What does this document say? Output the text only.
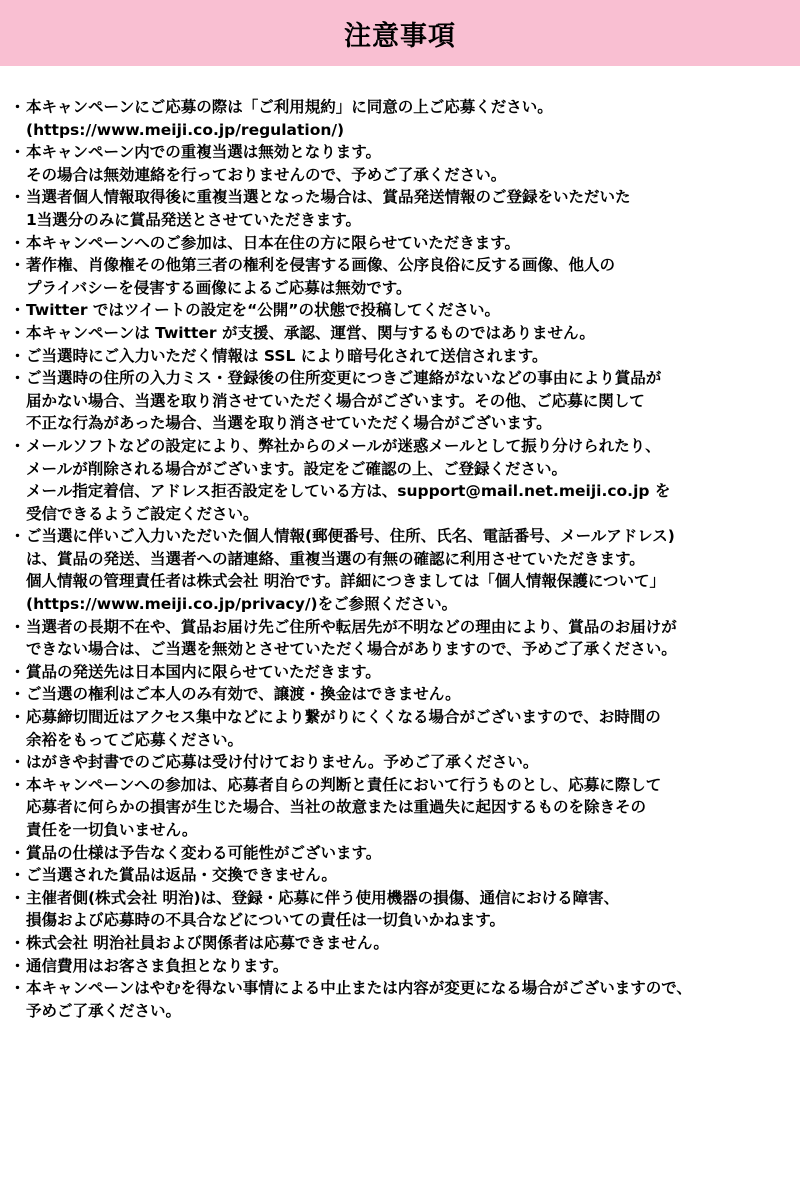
注意事項
・ 本キャンペーンにご応募の際は「ご利用規約」に同意の上ご応募ください。
(https://www.meiji.co.jp/regulation/)
・ 本キャンペーン内での重複当選は無効となります。
その場合は無効連絡を行っておりませんので、予めご了承ください。
・ 当選者個人情報取得後に重複当選となった場合は、賞品発送情報のご登録をいただいた
1当選分のみに賞品発送とさせていただきます。
・ 本キャンペーンへのご参加は、日本在住の方に限らせていただきます。
・ 著作権、肖像権その他第三者の権利を侵害する画像、公序良俗に反する画像、他人の
プライバシーを侵害する画像によるご応募は無効です。
・ Twitter ではツイートの設定を“公開”の状態で投稿してください。
・ 本キャンペーンは Twitter が支援、承認、運営、関与するものではありません。
・ ご当選時にご入力いただく情報は SSL により暗号化されて送信されます。
・ ご当選時の住所の入力ミス・登録後の住所変更につきご連絡がないなどの事由により賞品が
届かない場合、当選を取り消させていただく場合がございます。その他、ご応募に関して
不正な行為があった場合、当選を取り消させていただく場合がございます。
・ メールソフトなどの設定により、弊社からのメールが迷惑メールとして振り分けられたり、
メールが削除される場合がございます。設定をご確認の上、ご登録ください。
メール指定着信、アドレス拒否設定をしている方は、support@mail.net.meiji.co.jp を
受信できるようご設定ください。
・ ご当選に伴いご入力いただいた個人情報(郵便番号、住所、氏名、電話番号、メールアドレス)
は、賞品の発送、当選者への諸連絡、重複当選の有無の確認に利用させていただきます。
個人情報の管理責任者は株式会社 明治です。詳細につきましては「個人情報保護について」
(https://www.meiji.co.jp/privacy/)をご参照ください。
・ 当選者の長期不在や、賞品お届け先ご住所や転居先が不明などの理由により、賞品のお届けが
できない場合は、ご当選を無効とさせていただく場合がありますので、予めご了承ください。
・ 賞品の発送先は日本国内に限らせていただきます。
・ ご当選の権利はご本人のみ有効で、譲渡・換金はできません。
・ 応募締切間近はアクセス集中などにより繋がりにくくなる場合がございますので、お時間の
余裕をもってご応募ください。
・ はがきや封書でのご応募は受け付けておりません。予めご了承ください。
・ 本キャンペーンへの参加は、応募者自らの判断と責任において行うものとし、応募に際して
応募者に何らかの損害が生じた場合、当社の故意または重過失に起因するものを除きその
責任を一切負いません。
・ 賞品の仕様は予告なく変わる可能性がございます。
・ ご当選された賞品は返品・交換できません。
・ 主催者側(株式会社 明治)は、登録・応募に伴う使用機器の損傷、通信における障害、
損傷および応募時の不具合などについての責任は一切負いかねます。
・ 株式会社 明治社員および関係者は応募できません。
・ 通信費用はお客さま負担となります。
・ 本キャンペーンはやむを得ない事情による中止または内容が変更になる場合がございますので、
予めご了承ください。
